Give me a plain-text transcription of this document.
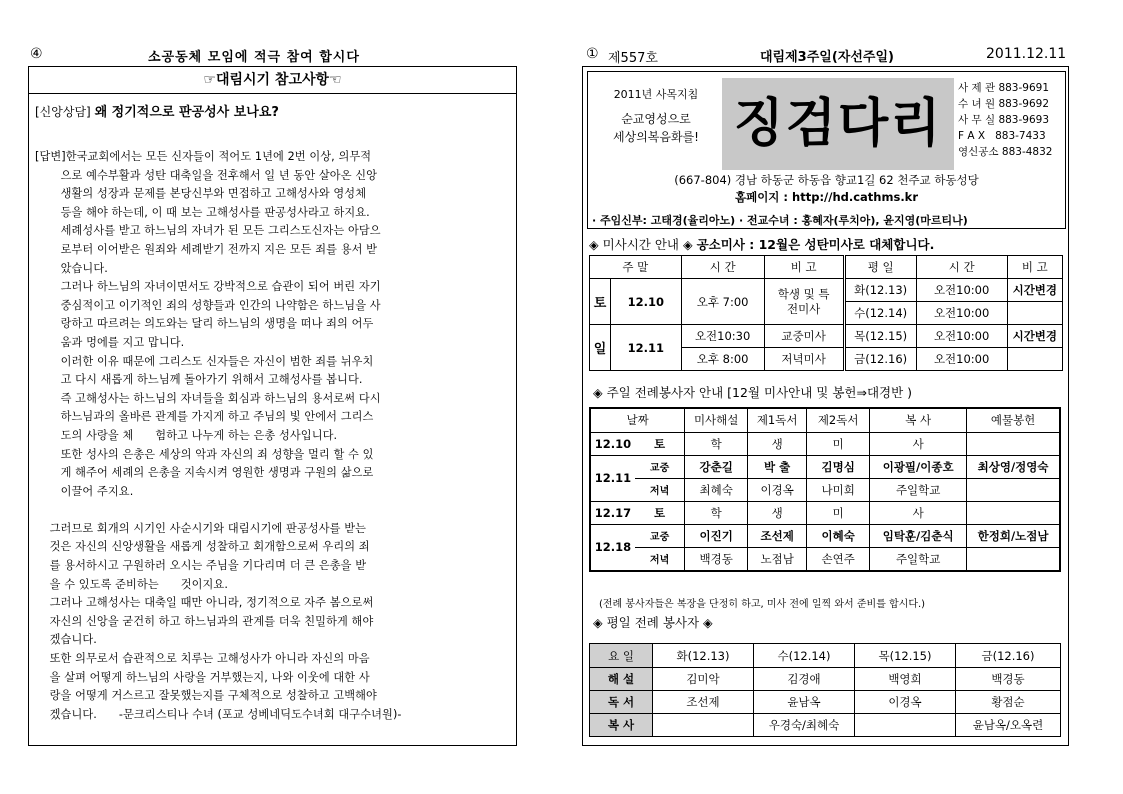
④	소공동체 모임에 적극 참여 합시다
☞대림시기 참고사항☜
[신앙상담] 왜 정기적으로 판공성사 보나요?
[답변]한국교회에서는 모든 신자들이 적어도 1년에 2번 이상, 의무적
으로 예수부활과 성탄 대축일을 전후해서 일 년 동안 살아온 신앙
생활의 성장과 문제를 본당신부와 면접하고 고해성사와 영성체
등을 해야 하는데, 이 때 보는 고해성사를 판공성사라고 하지요.
세례성사를 받고 하느님의 자녀가 된 모든 그리스도신자는 아담으
로부터 이어받은 원죄와 세례받기 전까지 지은 모든 죄를 용서 받
았습니다.
그러나 하느님의 자녀이면서도 강박적으로 습관이 되어 버린 자기
중심적이고 이기적인 죄의 성향들과 인간의 나약함은 하느님을 사
랑하고 따르려는 의도와는 달리 하느님의 생명을 떠나 죄의 어두
움과 멍에를 지고 맙니다.
이러한 이유 때문에 그리스도 신자들은 자신이 범한 죄를 뉘우치
고 다시 새롭게 하느님께 돌아가기 위해서 고해성사를 봅니다.
즉 고해성사는 하느님의 자녀들을 회심과 하느님의 용서로써 다시
하느님과의 올바른 관계를 가지게 하고 주님의 빛 안에서 그리스
도의 사랑을 체      험하고 나누게 하는 은총 성사입니다.
또한 성사의 은총은 세상의 악과 자신의 죄 성향을 멀리 할 수 있
게 해주어 세례의 은총을 지속시켜 영원한 생명과 구원의 삶으로
이끌어 주지요.
그러므로 회개의 시기인 사순시기와 대림시기에 판공성사를 받는
것은 자신의 신앙생활을 새롭게 성찰하고 회개함으로써 우리의 죄
를 용서하시고 구원하러 오시는 주님을 기다리며 더 큰 은총을 받
을 수 있도록 준비하는      것이지요.
그러나 고해성사는 대축일 때만 아니라, 정기적으로 자주 봄으로써
자신의 신앙을 굳건히 하고 하느님과의 관계를 더욱 친밀하게 해야
겠습니다.
또한 의무로서 습관적으로 치루는 고해성사가 아니라 자신의 마음
을 살펴 어떻게 하느님의 사랑을 거부했는지, 나와 이웃에 대한 사
랑을 어떻게 거스르고 잘못했는지를 구체적으로 성찰하고 고백해야
겠습니다.      -문크리스티나 수녀 (포교 성베네딕도수녀회 대구수녀원)-
① 제557호	대림제3주일(자선주일)	2011.12.11
2011년 사목지침
순교영성으로
세상의복음화를! 징검다리
사 제 관 883-9691
수 녀 원 883-9692
사 무 실 883-9693
F A X   883-7433
영신공소 883-4832
(667-804) 경남 하동군 하동읍 향교1길 62 천주교 하동성당
홈페이지 : http://hd.cathms.kr
· 주임신부: 고태경(율리아노) · 전교수녀 : 홍혜자(루치아), 윤지영(마르티나)
◈ 미사시간 안내 ◈ 공소미사 : 12월은 성탄미사로 대체합니다.
주 말		시 간	비 고	평 일	시 간	비 고
토	12.10	오후 7:00	학생 및 특전미사	화(12.13)	오전10:00	시간변경
				수(12.14)	오전10:00	
일	12.11	오전10:30	교중미사	목(12.15)	오전10:00	시간변경
		오후 8:00	저녁미사	금(12.16)	오전10:00	
◈ 주일 전례봉사자 안내 [12월 미사안내 및 봉헌⇒대경반 )
날짜		미사해설	제1독서	제2독서	복 사	예물봉헌
12.10	토	학	생	미	사	
12.11	교중	강춘길	박 출	김명심	이광필/이종호	최상영/정영숙
	저녁	최혜숙	이경옥	나미희	주일학교	
12.17	토	학	생	미	사	
12.18	교중	이진기	조선제	이혜숙	임탁훈/김춘식	한정희/노점남
	저녁	백경동	노점남	손연주	주일학교	
(전례 봉사자들은 복장을 단정히 하고, 미사 전에 일찍 와서 준비를 합시다.)
◈ 평일 전례 봉사자 ◈
요 일	화(12.13)	수(12.14)	목(12.15)	금(12.16)
해 설	김미악	김경애	백영희	백경동
독 서	조선제	윤남옥	이경옥	황점순
복 사		우경숙/최혜숙		윤남옥/오옥련
